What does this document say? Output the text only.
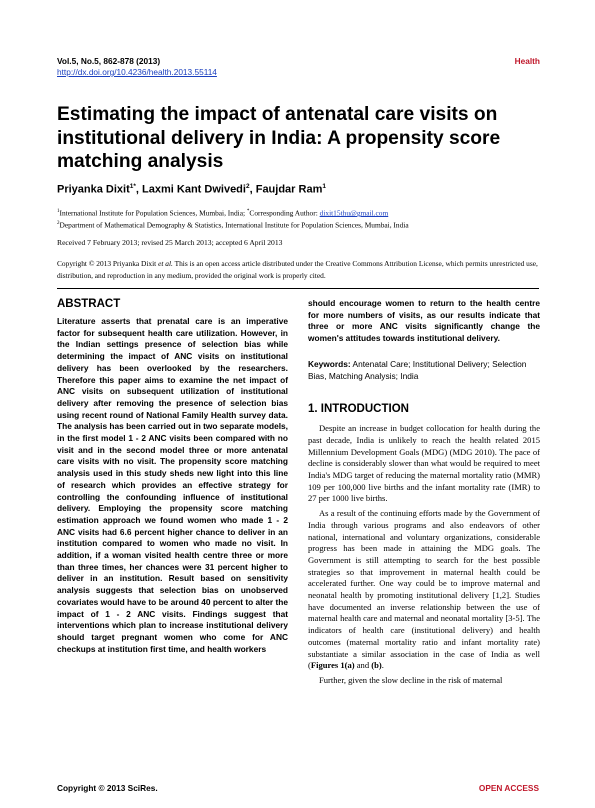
Vol.5, No.5, 862-878 (2013)
http://dx.doi.org/10.4236/health.2013.55114
Health
Estimating the impact of antenatal care visits on institutional delivery in India: A propensity score matching analysis
Priyanka Dixit$^{1*}$, Laxmi Kant Dwivedi$^2$, Faujdar Ram$^1$
$^1$International Institute for Population Sciences, Mumbai, India; *Corresponding Author: dixit15thu@gmail.com
$^2$Department of Mathematical Demography & Statistics, International Institute for Population Sciences, Mumbai, India
Received 7 February 2013; revised 25 March 2013; accepted 6 April 2013
Copyright © 2013 Priyanka Dixit et al. This is an open access article distributed under the Creative Commons Attribution License, which permits unrestricted use, distribution, and reproduction in any medium, provided the original work is properly cited.
ABSTRACT

Literature asserts that prenatal care is an imperative factor for subsequent health care utilization. However, in the Indian settings presence of selection bias while determining the impact of ANC visits on institutional delivery has been overlooked by the researchers. Therefore this paper aims to examine the net impact of ANC visits on subsequent utilization of institutional delivery after removing the presence of selection bias using recent round of National Family Health survey data. The analysis has been carried out in two separate models, in the first model 1 - 2 ANC visits been compared with no visit and in the second model three or more antenatal care visits with no visit. The propensity score matching analysis used in this study sheds new light into this line of research which provides an effective strategy for controlling the confounding influence of institutional delivery. Employing the propensity score matching estimation approach we found women who made 1 - 2 ANC visits had 6.6 percent higher chance to deliver in an institution compared to women who made no visit. In addition, if a woman visited health centre three or more than three times, her chances were 31 percent higher to deliver in an institution. Result based on sensitivity analysis suggests that selection bias on unobserved covariates would have to be around 40 percent to alter the impact of 1 - 2 ANC visits. Findings suggest that interventions which plan to increase institutional delivery should target pregnant women who come for ANC checkups at institution first time, and health workers

should encourage women to return to the health centre for more numbers of visits, as our results indicate that three or more ANC visits significantly change the women's attitudes towards institutional delivery.

Keywords: Antenatal Care; Institutional Delivery; Selection Bias, Matching Analysis; India

1. INTRODUCTION

Despite an increase in budget collocation for health during the past decade, India is unlikely to reach the health related 2015 Millennium Development Goals (MDG) (MDG 2010). The pace of decline is considerably slower than what would be required to meet India's MDG target of reducing the maternal mortality ratio (MMR) 109 per 100,000 live births and the infant mortality rate (IMR) to 27 per 1000 live births.

As a result of the continuing efforts made by the Government of India through various programs and also endeavors of other national, international and voluntary organizations, considerable progress has been made in attaining the MDG goals. The Government is still attempting to search for the best possible strategies so that improvement in maternal health could be accelerated further. One way could be to improve maternal and neonatal health by promoting institutional delivery [1,2]. Studies have documented an inverse relationship between the use of maternal health care and maternal and neonatal mortality [3-5]. The indicators of health care (institutional delivery) and health outcomes (maternal mortality ratio and infant mortality rate) substantiate a similar association in the case of India as well (Figures 1(a) and (b).

Further, given the slow decline in the risk of maternal

Copyright © 2013 SciRes.	OPEN ACCESS
